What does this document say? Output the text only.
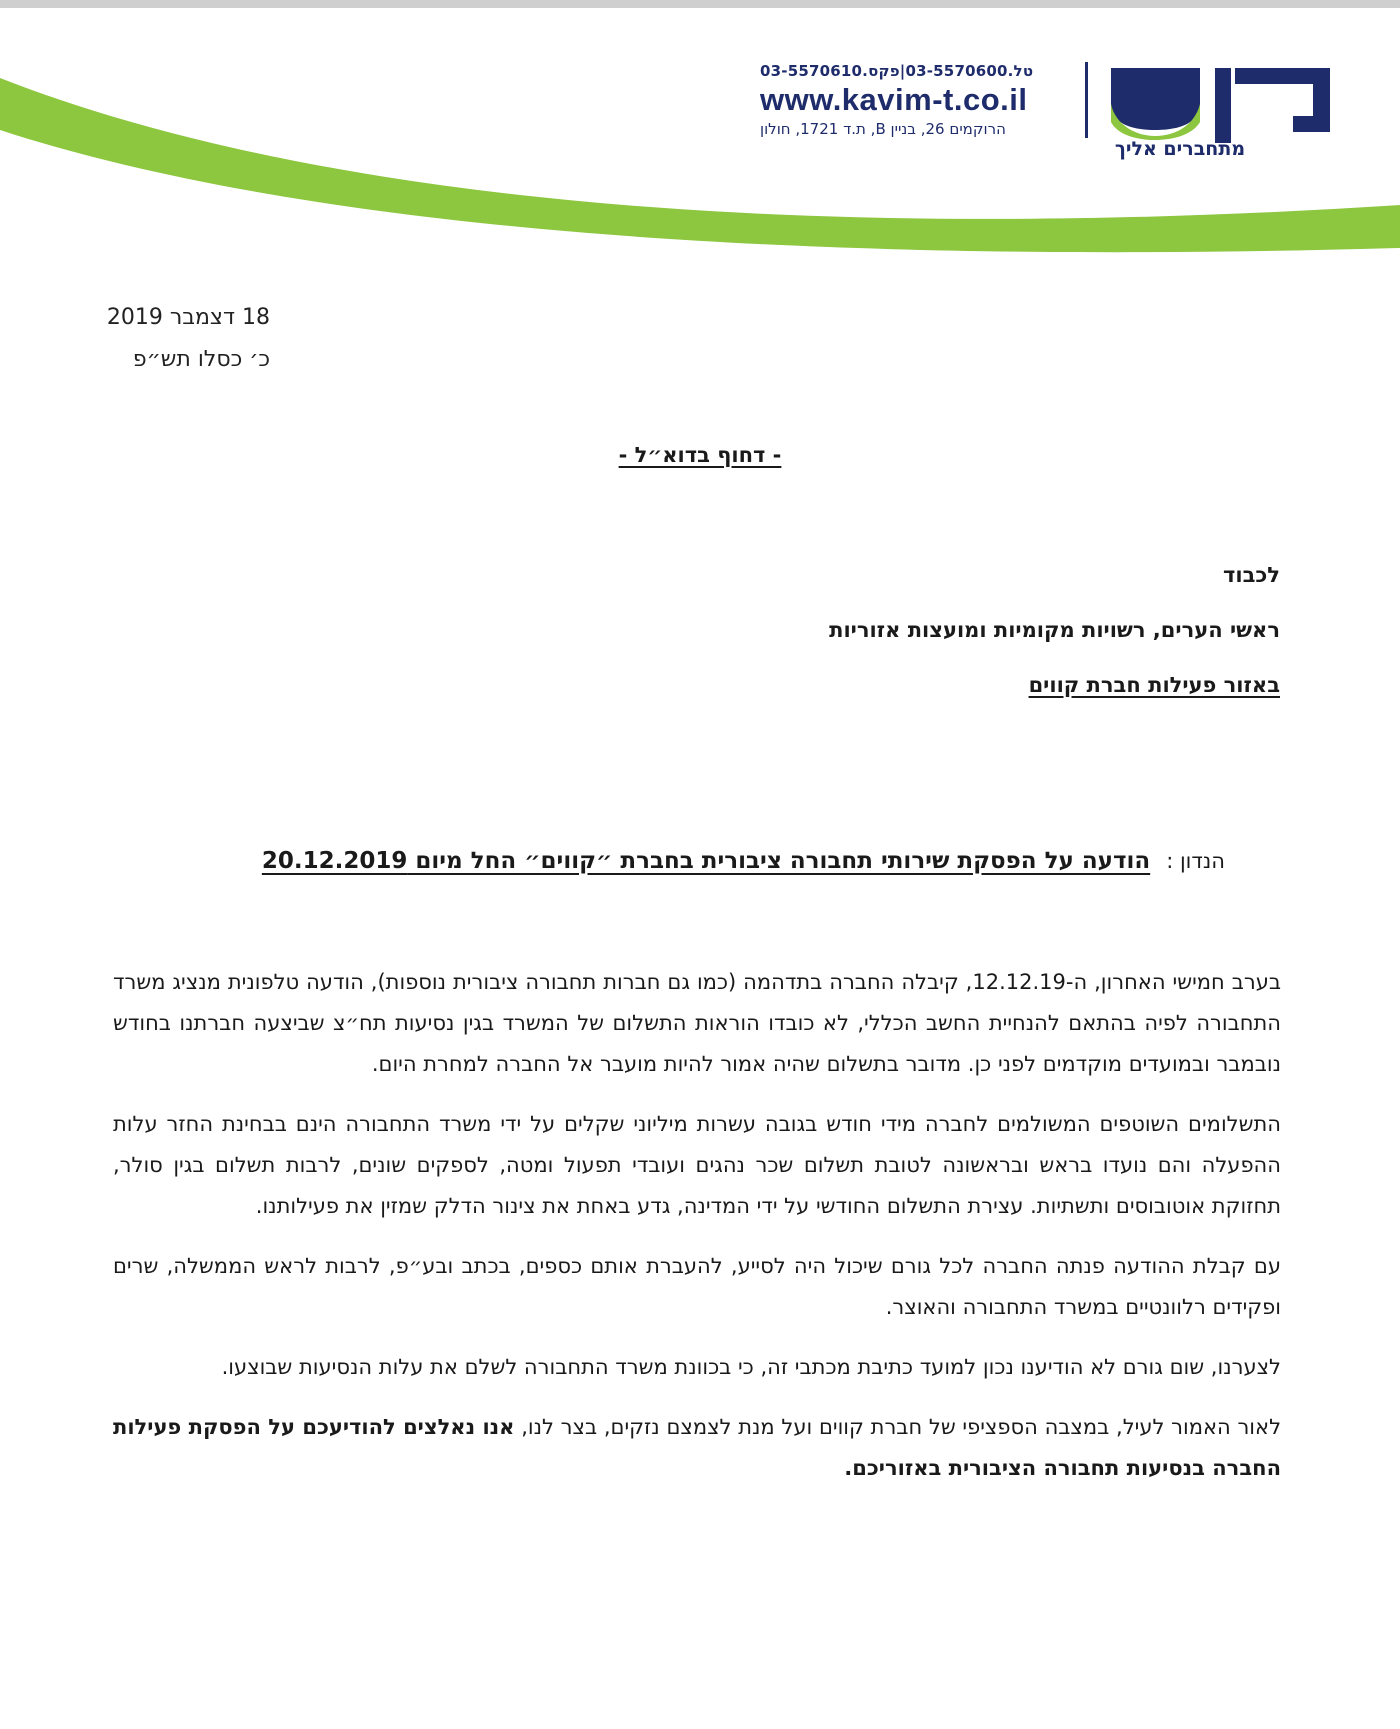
טל.03-5570600|פקס.03-5570610
www.kavim-t.co.il
הרוקמים 26, בניין B, ת.ד 1721, חולון
מתחברים אליך
18 דצמבר 2019
כ׳ כסלו תש״פ
- דחוף בדוא״ל -
לכבוד
ראשי הערים, רשויות מקומיות ומועצות אזוריות
באזור פעילות חברת קווים
הנדון : הודעה על הפסקת שירותי תחבורה ציבורית בחברת ״קווים״ החל מיום 20.12.2019

בערב חמישי האחרון, ה-12.12.19, קיבלה החברה בתדהמה (כמו גם חברות תחבורה ציבורית נוספות), הודעה טלפונית מנציג משרד התחבורה לפיה בהתאם להנחיית החשב הכללי, לא כובדו הוראות התשלום של המשרד בגין נסיעות תח״צ שביצעה חברתנו בחודש נובמבר ובמועדים מוקדמים לפני כן. מדובר בתשלום שהיה אמור להיות מועבר אל החברה למחרת היום.

התשלומים השוטפים המשולמים לחברה מידי חודש בגובה עשרות מיליוני שקלים על ידי משרד התחבורה הינם בבחינת החזר עלות ההפעלה והם נועדו בראש ובראשונה לטובת תשלום שכר נהגים ועובדי תפעול ומטה, לספקים שונים, לרבות תשלום בגין סולר, תחזוקת אוטובוסים ותשתיות. עצירת התשלום החודשי על ידי המדינה, גדע באחת את צינור הדלק שמזין את פעילותנו.

עם קבלת ההודעה פנתה החברה לכל גורם שיכול היה לסייע, להעברת אותם כספים, בכתב ובע״פ, לרבות לראש הממשלה, שרים ופקידים רלוונטיים במשרד התחבורה והאוצר.

לצערנו, שום גורם לא הודיענו נכון למועד כתיבת מכתבי זה, כי בכוונת משרד התחבורה לשלם את עלות הנסיעות שבוצעו.

לאור האמור לעיל, במצבה הספציפי של חברת קווים ועל מנת לצמצם נזקים, בצר לנו, אנו נאלצים להודיעכם על הפסקת פעילות החברה בנסיעות תחבורה הציבורית באזוריכם.
